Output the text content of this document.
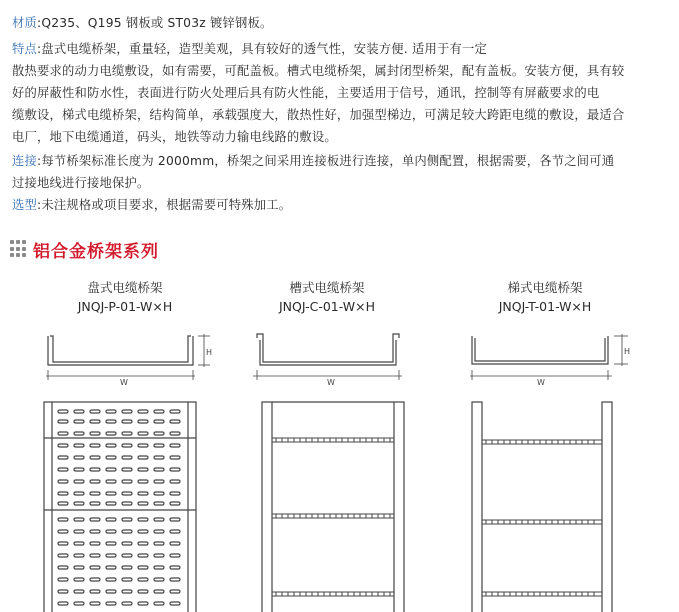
材质:Q235、Q195 钢板或 ST03z 镀锌钢板。
特点:盘式电缆桥架，重量轻，造型美观，具有较好的透气性，安装方便. 适用于有一定
散热要求的动力电缆敷设，如有需要，可配盖板。槽式电缆桥架，属封闭型桥架，配有盖板。安装方便，具有较
好的屏蔽性和防水性，表面进行防火处理后具有防火性能，主要适用于信号，通讯，控制等有屏蔽要求的电
缆敷设，梯式电缆桥架，结构简单，承载强度大，散热性好，加强型梯边，可满足较大跨距电缆的敷设，最适合
电厂，地下电缆通道，码头，地铁等动力输电线路的敷设。
连接:每节桥架标准长度为 2000mm，桥架之间采用连接板进行连接，单内侧配置，根据需要，各节之间可通
过接地线进行接地保护。
选型:未注规格或项目要求，根据需要可特殊加工。
铝合金桥架系列
盘式电缆桥架
JNQJ-P-01-W×H
槽式电缆桥架
JNQJ-C-01-W×H
梯式电缆桥架
JNQJ-T-01-W×H
W
H
W	W
H
